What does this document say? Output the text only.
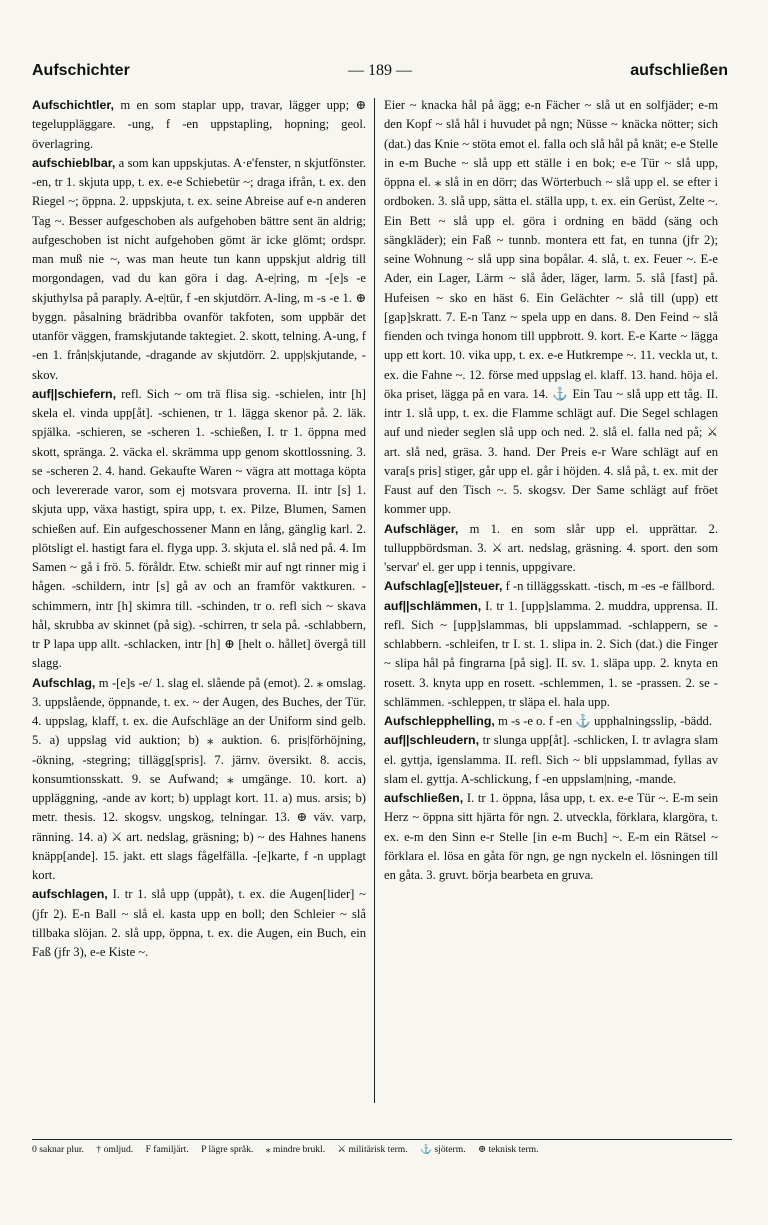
Aufschichter	— 189 —	aufschließen

Aufschichtler, m en som staplar upp, travar, lägger upp; ⊕ tegeluppläggare. -ung, f -en uppstapling, hopning; geol. överlagring.

aufschieblbar, a som kan uppskjutas. A·e'fenster, n skjutfönster. -en, tr 1. skjuta upp, t. ex. e-e Schiebetür ~; draga ifrån, t. ex. den Riegel ~; öppna. 2. uppskjuta, t. ex. seine Abreise auf e-n anderen Tag ~. Besser aufgeschoben als aufgehoben bättre sent än aldrig; aufgeschoben ist nicht aufgehoben gömt är icke glömt; ordspr. man muß nie ~, was man heute tun kann uppskjut aldrig till morgondagen, vad du kan göra i dag. A-e|ring, m -[e]s -e skjuthylsa på paraply. A-e|tür, f -en skjutdörr. A-ling, m -s -e 1. ⊕ byggn. påsalning brädribba ovanför takfoten, som uppbär det utanför väggen, framskjutande taktegiet. 2. skott, telning. A-ung, f -en 1. från|skjutande, -dragande av skjutdörr. 2. upp|skjutande, -skov.

auf||schiefern, refl. Sich ~ om trä flisa sig. -schielen, intr [h] skela el. vinda upp[åt]. -schienen, tr 1. lägga skenor på. 2. läk. spjälka. -schieren, se -scheren 1. -schießen, I. tr 1. öppna med skott, spränga. 2. väcka el. skrämma upp genom skottlossning. 3. se -scheren 2. 4. hand. Gekaufte Waren ~ vägra att mottaga köpta och levererade varor, som ej motsvara proverna. II. intr [s] 1. skjuta upp, växa hastigt, spira upp, t. ex. Pilze, Blumen, Samen schießen auf. Ein aufgeschossener Mann en lång, gänglig karl. 2. plötsligt el. hastigt fara el. flyga upp. 3. skjuta el. slå ned på. 4. Im Samen ~ gå i frö. 5. föråldr. Etw. schießt mir auf ngt rinner mig i hågen. -schildern, intr [s] gå av och an framför vaktkuren. -schimmern, intr [h] skimra till. -schinden, tr o. refl sich ~ skava hål, skrubba av skinnet (på sig). -schirren, tr sela på. -schlabbern, tr P lapa upp allt. -schlacken, intr [h] ⊕ [helt o. hållet] övergå till slagg.

Aufschlag, m -[e]s -e/ 1. slag el. slående på (emot). 2. ⁎ omslag. 3. uppslående, öppnande, t. ex. ~ der Augen, des Buches, der Tür. 4. uppslag, klaff, t. ex. die Aufschläge an der Uniform sind gelb. 5. a) uppslag vid auktion; b) ⁎ auktion. 6. pris|förhöjning, -ökning, -stegring; tillägg[spris]. 7. järnv. översikt. 8. accis, konsumtionsskatt. 9. se Aufwand; ⁎ umgänge. 10. kort. a) uppläggning, -ande av kort; b) upplagt kort. 11. a) mus. arsis; b) metr. thesis. 12. skogsv. ungskog, telningar. 13. ⊕ väv. varp, ränning. 14. a) ⚔ art. nedslag, gräsning; b) ~ des Hahnes hanens knäpp[ande]. 15. jakt. ett slags fågelfälla. -[e]karte, f -n upplagt kort.

aufschlagen, I. tr 1. slå upp (uppåt), t. ex. die Augen[lider] ~ (jfr 2). E-n Ball ~ slå el. kasta upp en boll; den Schleier ~ slå tillbaka slöjan. 2. slå upp, öppna, t. ex. die Augen, ein Buch, ein Faß (jfr 3), e-e Kiste ~.

Eier ~ knacka hål på ägg; e-n Fächer ~ slå ut en solfjäder; e-m den Kopf ~ slå hål i huvudet på ngn; Nüsse ~ knäcka nötter; sich (dat.) das Knie ~ stöta emot el. falla och slå hål på knät; e-e Stelle in e-m Buche ~ slå upp ett ställe i en bok; e-e Tür ~ slå upp, öppna el. ⁎ slå in en dörr; das Wörterbuch ~ slå upp el. se efter i ordboken. 3. slå upp, sätta el. ställa upp, t. ex. ein Gerüst, Zelte ~. Ein Bett ~ slå upp el. göra i ordning en bädd (säng och sängkläder); ein Faß ~ tunnb. montera ett fat, en tunna (jfr 2); seine Wohnung ~ slå upp sina bopålar. 4. slå, t. ex. Feuer ~. E-e Ader, ein Lager, Lärm ~ slå åder, läger, larm. 5. slå [fast] på. Hufeisen ~ sko en häst 6. Ein Gelächter ~ slå till (upp) ett [gap]skratt. 7. E-n Tanz ~ spela upp en dans. 8. Den Feind ~ slå fienden och tvinga honom till uppbrott. 9. kort. E-e Karte ~ lägga upp ett kort. 10. vika upp, t. ex. e-e Hutkrempe ~. 11. veckla ut, t. ex. die Fahne ~. 12. förse med uppslag el. klaff. 13. hand. höja el. öka priset, lägga på en vara. 14. ⚓ Ein Tau ~ slå upp ett tåg. II. intr 1. slå upp, t. ex. die Flamme schlägt auf. Die Segel schlagen auf und nieder seglen slå upp och ned. 2. slå el. falla ned på; ⚔ art. slå ned, gräsa. 3. hand. Der Preis e-r Ware schlägt auf en vara[s pris] stiger, går upp el. går i höjden. 4. slå på, t. ex. mit der Faust auf den Tisch ~. 5. skogsv. Der Same schlägt auf fröet kommer upp.

Aufschläger, m 1. en som slår upp el. upprättar. 2. tulluppbördsman. 3. ⚔ art. nedslag, gräsning. 4. sport. den som 'servar' el. ger upp i tennis, uppgivare.

Aufschlag[e]|steuer, f -n tilläggsskatt. -tisch, m -es -e fällbord.

auf||schlämmen, I. tr 1. [upp]slamma. 2. muddra, upprensa. II. refl. Sich ~ [upp]slammas, bli uppslammad. -schlappern, se -schlabbern. -schleifen, tr I. st. 1. slipa in. 2. Sich (dat.) die Finger ~ slipa hål på fingrarna [på sig]. II. sv. 1. släpa upp. 2. knyta en rosett. 3. knyta upp en rosett. -schlemmen, 1. se -prassen. 2. se -schlämmen. -schleppen, tr släpa el. hala upp.

Aufschlepphelling, m -s -e o. f -en ⚓ upphalningsslip, -bädd.

auf||schleudern, tr slunga upp[åt]. -schlicken, I. tr avlagra slam el. gyttja, igenslamma. II. refl. Sich ~ bli uppslammad, fyllas av slam el. gyttja. A-schlickung, f -en uppslam|ning, -mande.

aufschließen, I. tr 1. öppna, låsa upp, t. ex. e-e Tür ~. E-m sein Herz ~ öppna sitt hjärta för ngn. 2. utveckla, förklara, klargöra, t. ex. e-m den Sinn e-r Stelle [in e-m Buch] ~. E-m ein Rätsel ~ förklara el. lösa en gåta för ngn, ge ngn nyckeln el. lösningen till en gåta. 3. gruvt. börja bearbeta en gruva.

0 saknar plur. † omljud. F familjärt. P lägre språk. ⁎ mindre brukl. ⚔ militärisk term. ⚓ sjöterm. ⊕ teknisk term.
